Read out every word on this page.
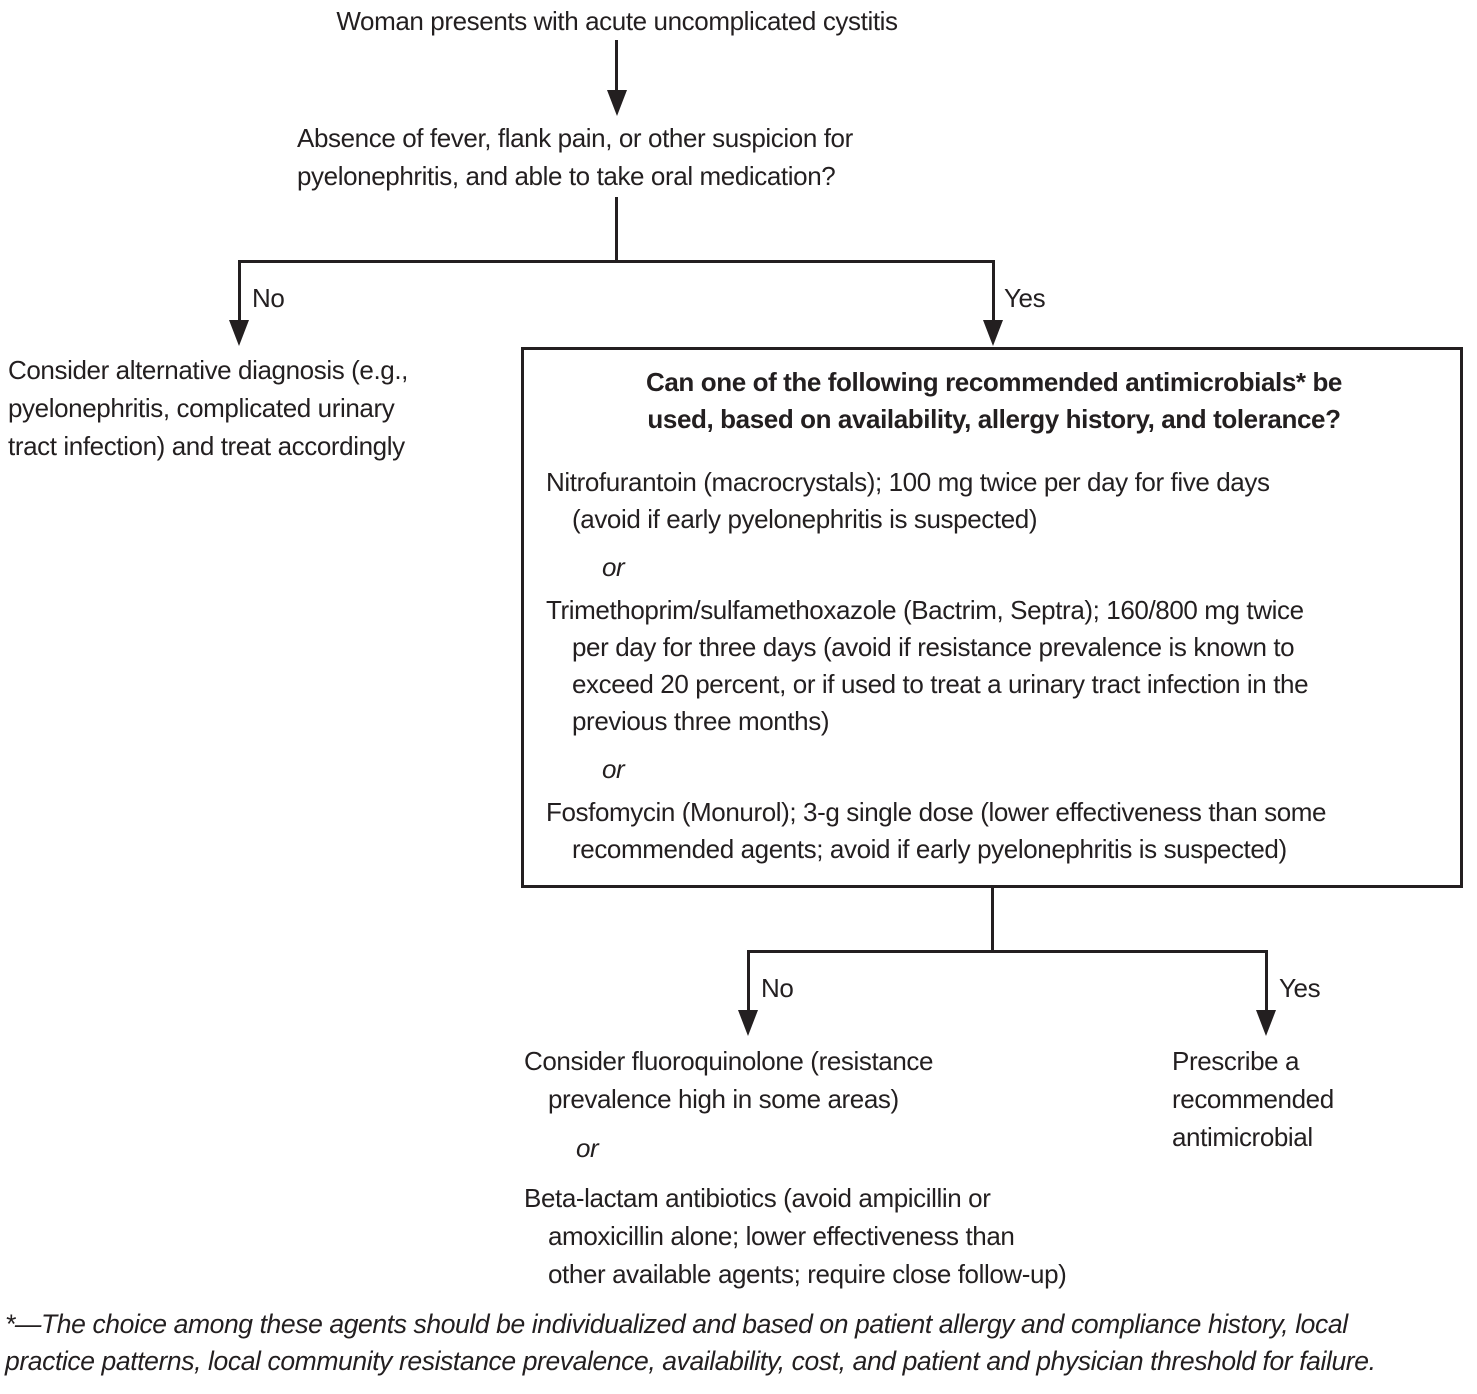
Woman presents with acute uncomplicated cystitis
Absence of fever, flank pain, or other suspicion for
pyelonephritis, and able to take oral medication?
No	Yes
Consider alternative diagnosis (e.g.,
pyelonephritis, complicated urinary
tract infection) and treat accordingly
Can one of the following recommended antimicrobials* be
used, based on availability, allergy history, and tolerance?
Nitrofurantoin (macrocrystals); 100 mg twice per day for five days
(avoid if early pyelonephritis is suspected)
or
Trimethoprim/sulfamethoxazole (Bactrim, Septra); 160/800 mg twice
per day for three days (avoid if resistance prevalence is known to
exceed 20 percent, or if used to treat a urinary tract infection in the
previous three months)
or
Fosfomycin (Monurol); 3-g single dose (lower effectiveness than some
recommended agents; avoid if early pyelonephritis is suspected)
No	Yes
Consider fluoroquinolone (resistance
prevalence high in some areas)
or
Beta-lactam antibiotics (avoid ampicillin or
amoxicillin alone; lower effectiveness than
other available agents; require close follow-up)
Prescribe a
recommended
antimicrobial
*—The choice among these agents should be individualized and based on patient allergy and compliance history, local
practice patterns, local community resistance prevalence, availability, cost, and patient and physician threshold for failure.
